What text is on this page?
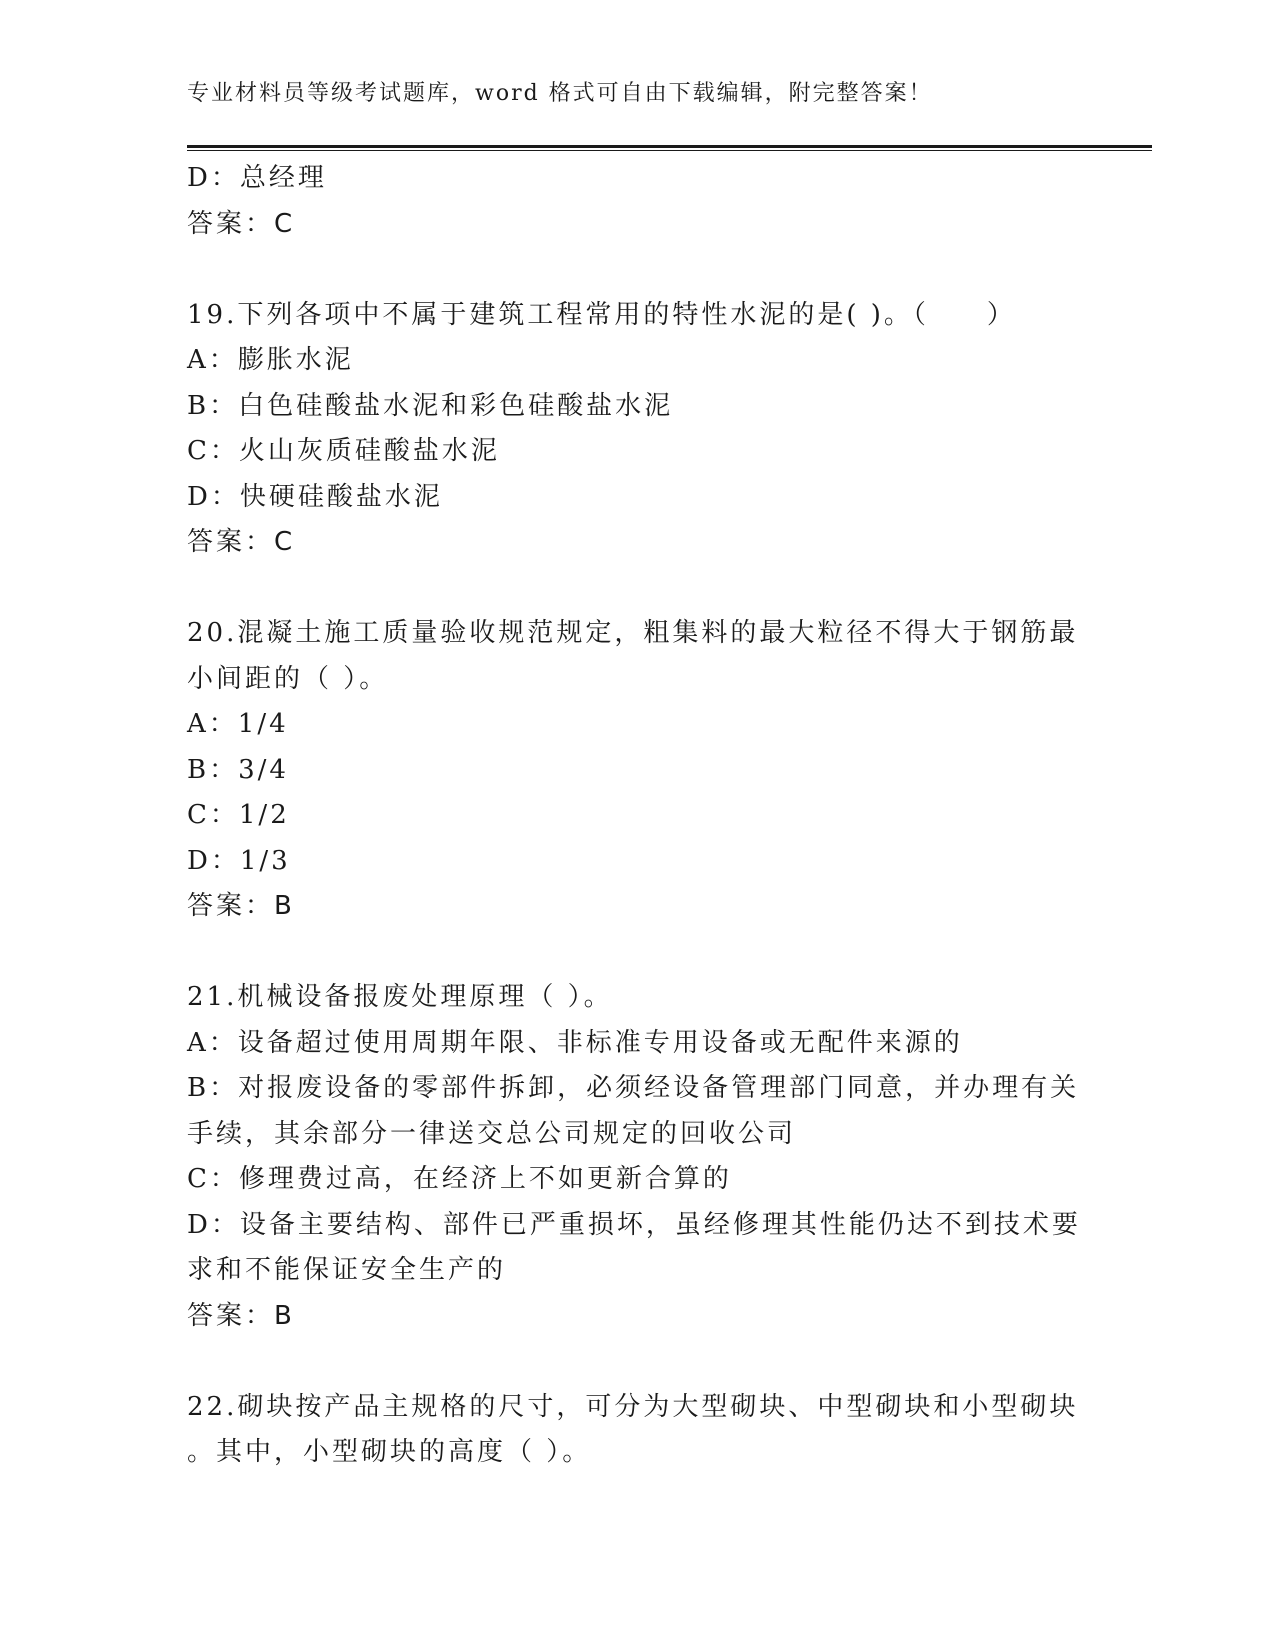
专业材料员等级考试题库，word 格式可自由下载编辑，附完整答案！
D：总经理
答案：C
19.下列各项中不属于建筑工程常用的特性水泥的是( )。（　　）
A：膨胀水泥
B：白色硅酸盐水泥和彩色硅酸盐水泥
C：火山灰质硅酸盐水泥
D：快硬硅酸盐水泥
答案：C
20.混凝土施工质量验收规范规定，粗集料的最大粒径不得大于钢筋最
小间距的（ ）。
A：1/4
B：3/4
C：1/2
D：1/3
答案：B
21.机械设备报废处理原理（ ）。
A：设备超过使用周期年限、非标准专用设备或无配件来源的
B：对报废设备的零部件拆卸，必须经设备管理部门同意，并办理有关
手续，其余部分一律送交总公司规定的回收公司
C：修理费过高，在经济上不如更新合算的
D：设备主要结构、部件已严重损坏，虽经修理其性能仍达不到技术要
求和不能保证安全生产的
答案：B
22.砌块按产品主规格的尺寸，可分为大型砌块、中型砌块和小型砌块
。其中，小型砌块的高度（ ）。
